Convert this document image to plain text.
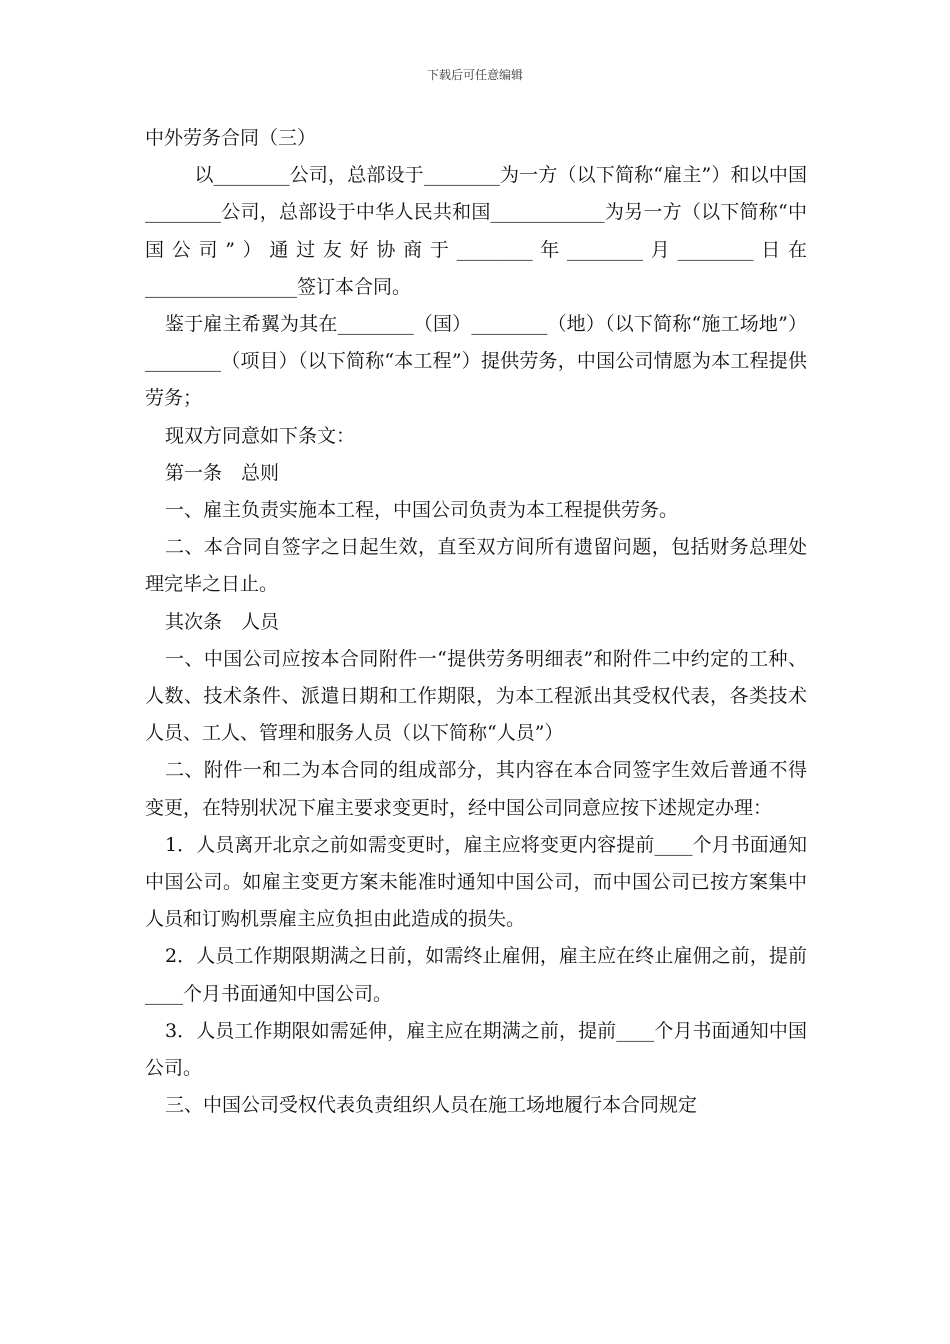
下载后可任意编辑

中外劳务合同（三）

以________公司，总部设于________为一方（以下简称“雇主”）和以中国________公司，总部设于中华人民共和国____________为另一方（以下简称“中国公司”）通过友好协商于________年________月________日在________________签订本合同。

鉴于雇主希翼为其在________（国）________（地）（以下简称“施工场地”）________（项目）（以下简称“本工程”）提供劳务，中国公司情愿为本工程提供劳务；

现双方同意如下条文：

第一条　总则

一、雇主负责实施本工程，中国公司负责为本工程提供劳务。

二、本合同自签字之日起生效，直至双方间所有遗留问题，包括财务总理处理完毕之日止。

其次条　人员

一、中国公司应按本合同附件一“提供劳务明细表”和附件二中约定的工种、人数、技术条件、派遣日期和工作期限，为本工程派出其受权代表，各类技术人员、工人、管理和服务人员（以下简称“人员”）

二、附件一和二为本合同的组成部分，其内容在本合同签字生效后普通不得变更，在特别状况下雇主要求变更时，经中国公司同意应按下述规定办理：

1．人员离开北京之前如需变更时，雇主应将变更内容提前____个月书面通知中国公司。如雇主变更方案未能准时通知中国公司，而中国公司已按方案集中人员和订购机票雇主应负担由此造成的损失。

2．人员工作期限期满之日前，如需终止雇佣，雇主应在终止雇佣之前，提前____个月书面通知中国公司。

3．人员工作期限如需延伸，雇主应在期满之前，提前____个月书面通知中国公司。

三、中国公司受权代表负责组织人员在施工场地履行本合同规定
